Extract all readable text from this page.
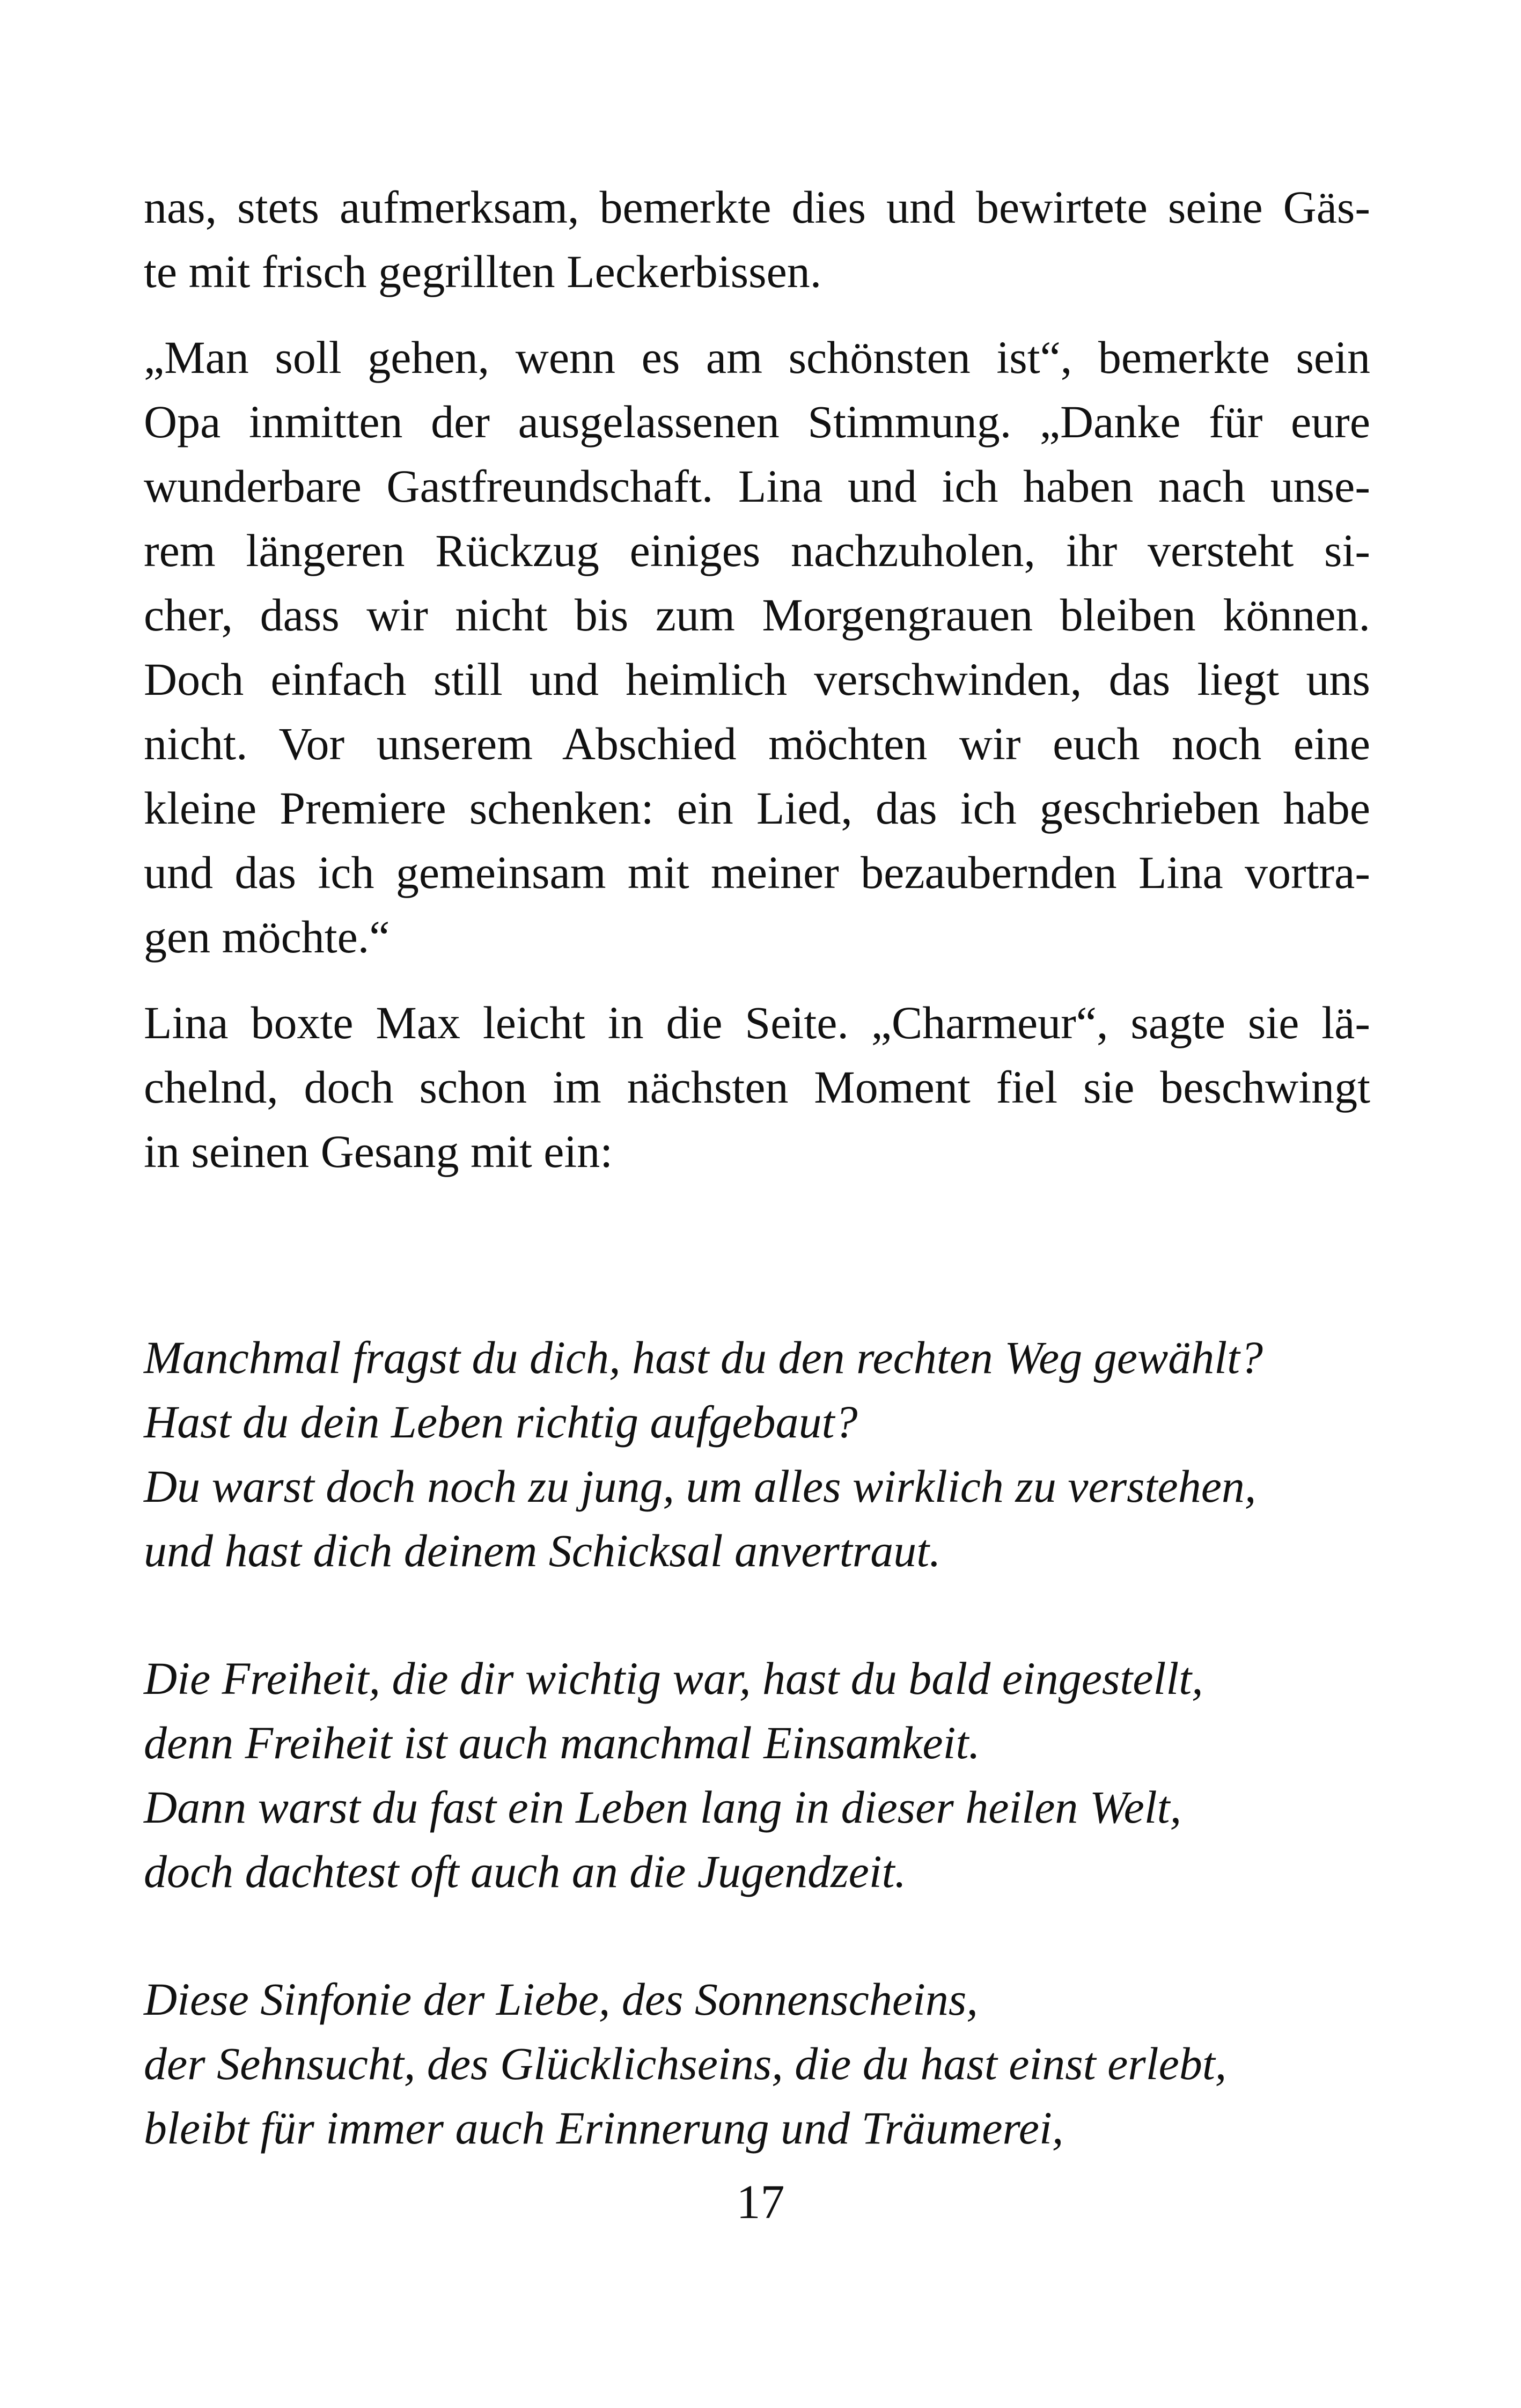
nas, stets aufmerksam, bemerkte dies und bewirtete seine Gäs-
te mit frisch gegrillten Leckerbissen.

„Man soll gehen, wenn es am schönsten ist“, bemerkte sein
Opa inmitten der ausgelassenen Stimmung. „Danke für eure
wunderbare Gastfreundschaft. Lina und ich haben nach unse-
rem längeren Rückzug einiges nachzuholen, ihr versteht si-
cher, dass wir nicht bis zum Morgengrauen bleiben können.
Doch einfach still und heimlich verschwinden, das liegt uns
nicht. Vor unserem Abschied möchten wir euch noch eine
kleine Premiere schenken: ein Lied, das ich geschrieben habe
und das ich gemeinsam mit meiner bezaubernden Lina vortra-
gen möchte.“

Lina boxte Max leicht in die Seite. „Charmeur“, sagte sie lä-
chelnd, doch schon im nächsten Moment fiel sie beschwingt
in seinen Gesang mit ein:

Manchmal fragst du dich, hast du den rechten Weg gewählt?
Hast du dein Leben richtig aufgebaut?
Du warst doch noch zu jung, um alles wirklich zu verstehen,
und hast dich deinem Schicksal anvertraut.
Die Freiheit, die dir wichtig war, hast du bald eingestellt,
denn Freiheit ist auch manchmal Einsamkeit.
Dann warst du fast ein Leben lang in dieser heilen Welt,
doch dachtest oft auch an die Jugendzeit.
Diese Sinfonie der Liebe, des Sonnenscheins,
der Sehnsucht, des Glücklichseins, die du hast einst erlebt,
bleibt für immer auch Erinnerung und Träumerei,
17
